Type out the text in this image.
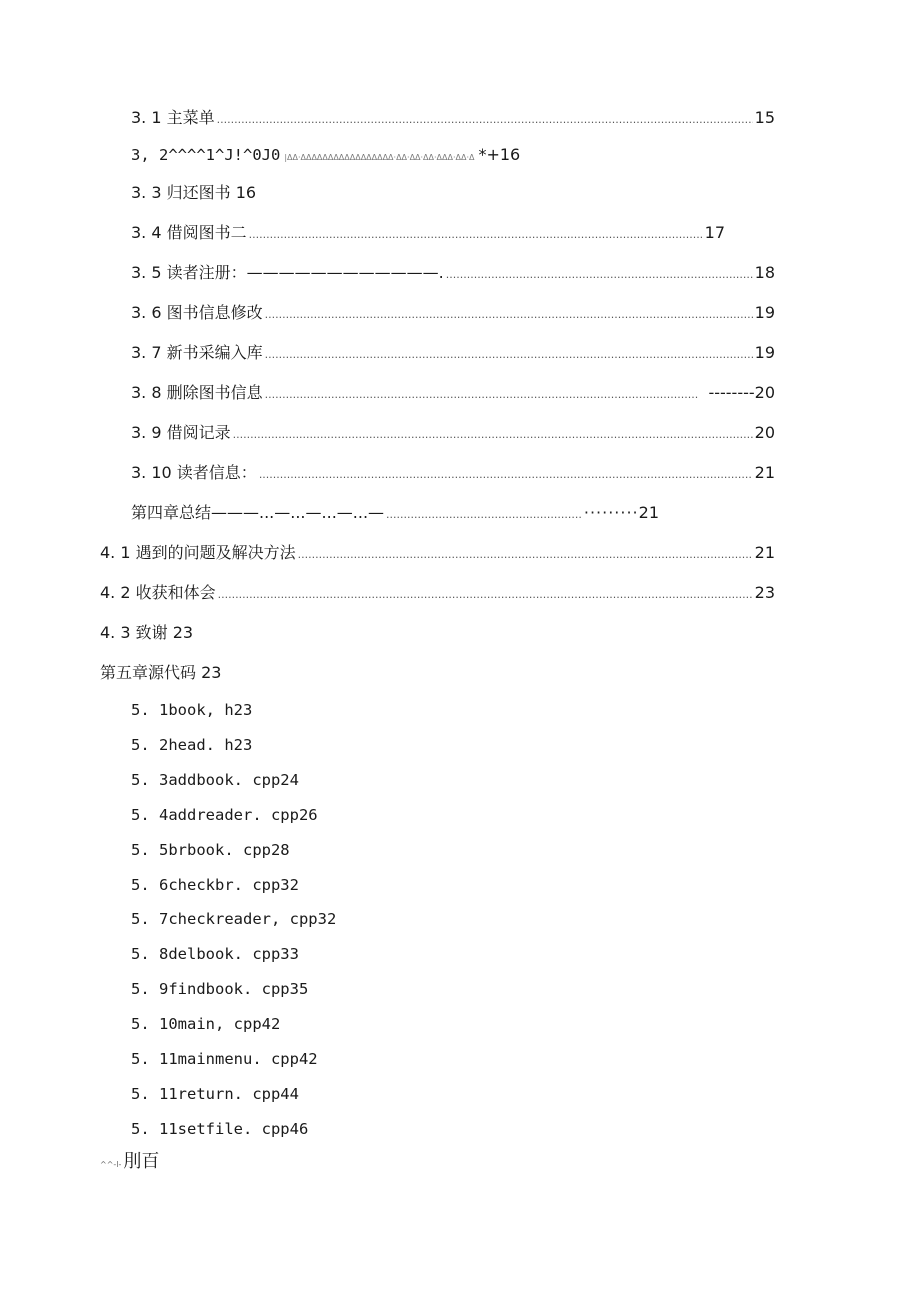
3. 1 主菜单 .....	15
3, 2^^^^1^J!^0J0 |ΔΔ·ΔΔΔΔΔΔΔΔΔΔΔΔΔΔΔΔΔ·ΔΔ·ΔΔ·ΔΔ·ΔΔΔ·ΔΔ·Δ *+16
3. 3 归还图书 16
3. 4 借阅图书二 .....	17
3. 5 读者注册：————————————. .....	18
3. 6 图书信息修改 .....	19
3. 7 新书采编入库 .....	19
3. 8 删除图书信息 .....	-------- 20
3. 9 借阅记录 .....	20
3. 10 读者信息： .....	21
第四章总结———...—...—...—...— .....	········· 21
4. 1 遇到的问题及解决方法 .....	21
4. 2 收获和体会 .....	23
4. 3 致谢 23
第五章源代码 23
5. 1book, h23
5. 2head. h23
5. 3addbook. cpp24
5. 4addreader. cpp26
5. 5brbook. cpp28
5. 6checkbr. cpp32
5. 7checkreader, cpp32
5. 8delbook. cpp33
5. 9findbook. cpp35
5. 10main, cpp42
5. 11mainmenu. cpp42
5. 11return. cpp44
5. 11setfile. cpp46
^^-l- 刖百
